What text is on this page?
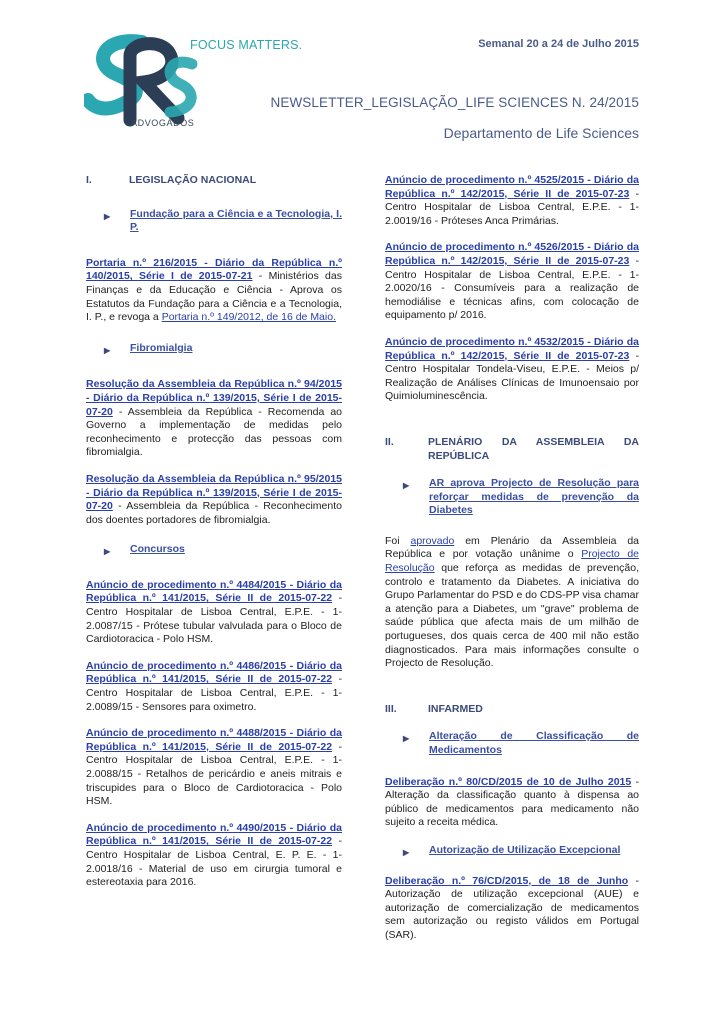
FOCUS MATTERS.
ADVOGADOS
Semanal 20 a 24 de Julho 2015
NEWSLETTER_LEGISLAÇÃO_LIFE SCIENCES N. 24/2015
Departamento de Life Sciences
I.	LEGISLAÇÃO NACIONAL
▶	Fundação para a Ciência e a Tecnologia, I. P.
Portaria n.º 216/2015 - Diário da República n.º 140/2015, Série I de 2015-07-21 - Ministérios das Finanças e da Educação e Ciência - Aprova os Estatutos da Fundação para a Ciência e a Tecnologia, I. P., e revoga a Portaria n.º 149/2012, de 16 de Maio.
▶	Fibromialgia
Resolução da Assembleia da República n.º 94/2015 - Diário da República n.º 139/2015, Série I de 2015-07-20 - Assembleia da República - Recomenda ao Governo a implementação de medidas pelo reconhecimento e protecção das pessoas com fibromialgia.
Resolução da Assembleia da República n.º 95/2015 - Diário da República n.º 139/2015, Série I de 2015-07-20 - Assembleia da República - Reconhecimento dos doentes portadores de fibromialgia.
▶	Concursos
Anúncio de procedimento n.º 4484/2015 - Diário da República n.º 141/2015, Série II de 2015-07-22 - Centro Hospitalar de Lisboa Central, E.P.E. - 1-2.0087/15 - Prótese tubular valvulada para o Bloco de Cardiotoracica - Polo HSM.
Anúncio de procedimento n.º 4486/2015 - Diário da República n.º 141/2015, Série II de 2015-07-22 - Centro Hospitalar de Lisboa Central, E.P.E. - 1-2.0089/15 - Sensores para oximetro.
Anúncio de procedimento n.º 4488/2015 - Diário da República n.º 141/2015, Série II de 2015-07-22 - Centro Hospitalar de Lisboa Central, E.P.E. - 1-2.0088/15 - Retalhos de pericárdio e aneis mitrais e triscupides para o Bloco de Cardiotoracica - Polo HSM.
Anúncio de procedimento n.º 4490/2015 - Diário da República n.º 141/2015, Série II de 2015-07-22 - Centro Hospitalar de Lisboa Central, E. P. E. - 1-2.0018/16 - Material de uso em cirurgia tumoral e estereotaxia para 2016.
Anúncio de procedimento n.º 4525/2015 - Diário da República n.º 142/2015, Série II de 2015-07-23 - Centro Hospitalar de Lisboa Central, E.P.E. - 1-2.0019/16 - Próteses Anca Primárias.
Anúncio de procedimento n.º 4526/2015 - Diário da República n.º 142/2015, Série II de 2015-07-23 - Centro Hospitalar de Lisboa Central, E.P.E. - 1-2.0020/16 - Consumíveis para a realização de hemodiálise e técnicas afins, com colocação de equipamento p/ 2016.
Anúncio de procedimento n.º 4532/2015 - Diário da República n.º 142/2015, Série II de 2015-07-23 - Centro Hospitalar Tondela-Viseu, E.P.E. - Meios p/ Realização de Análises Clínicas de Imunoensaio por Quimioluminescência.
II.	PLENÁRIO DA ASSEMBLEIA DA REPÚBLICA
▶	AR aprova Projecto de Resolução para reforçar medidas de prevenção da Diabetes
Foi aprovado em Plenário da Assembleia da República e por votação unânime o Projecto de Resolução que reforça as medidas de prevenção, controlo e tratamento da Diabetes. A iniciativa do Grupo Parlamentar do PSD e do CDS-PP visa chamar a atenção para a Diabetes, um "grave" problema de saúde pública que afecta mais de um milhão de portugueses, dos quais cerca de 400 mil não estão diagnosticados. Para mais informações consulte o Projecto de Resolução.
III.	INFARMED
▶	Alteração de Classificação de Medicamentos
Deliberação n.º 80/CD/2015 de 10 de Julho 2015 - Alteração da classificação quanto à dispensa ao público de medicamentos para medicamento não sujeito a receita médica.
▶	Autorização de Utilização Excepcional
Deliberação n.º 76/CD/2015, de 18 de Junho - Autorização de utilização excepcional (AUE) e autorização de comercialização de medicamentos sem autorização ou registo válidos em Portugal (SAR).
